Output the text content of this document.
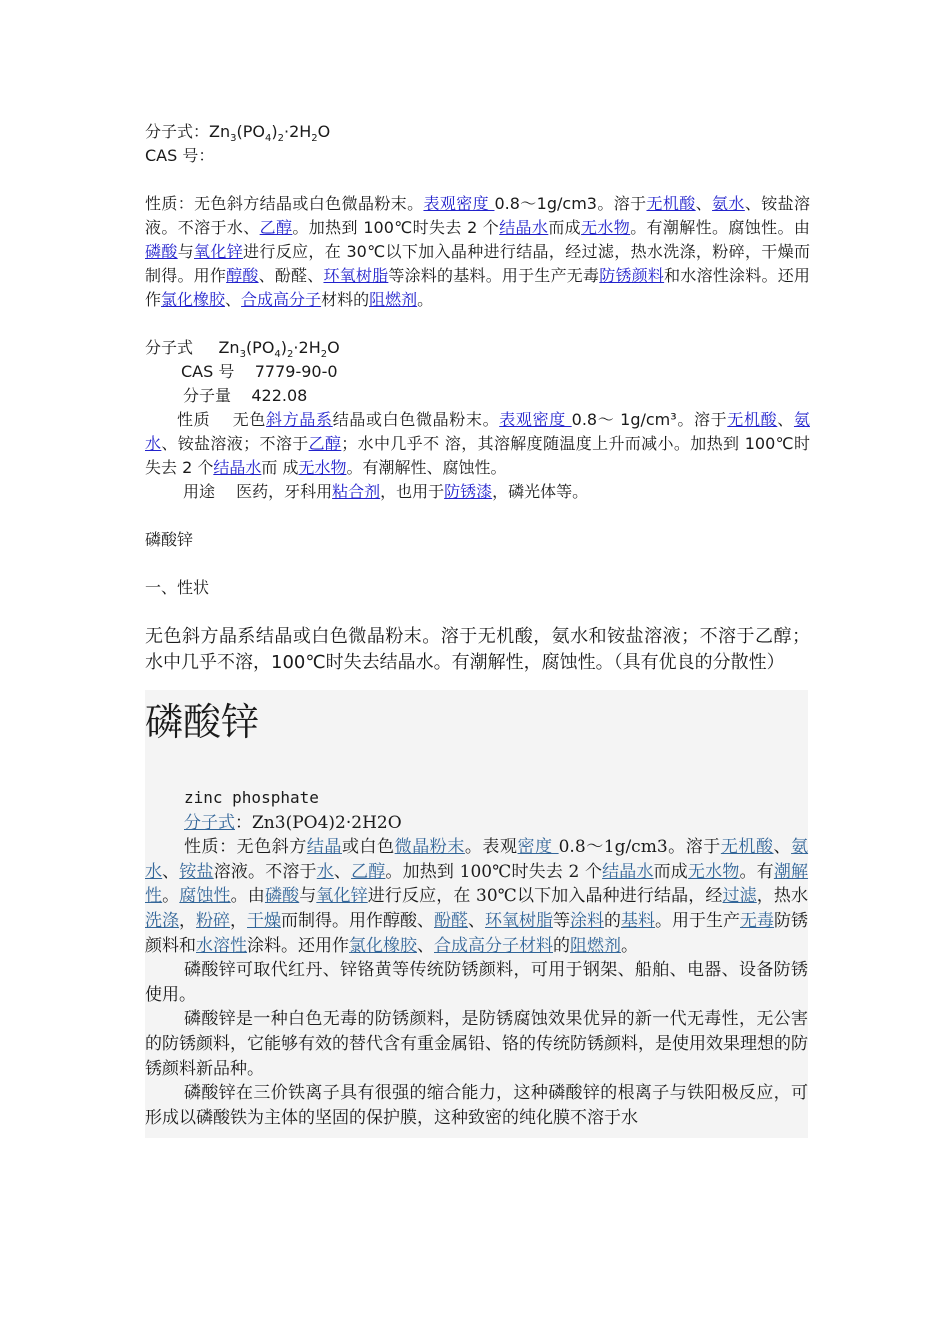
分子式：$Zn_3(PO_4)_2\cdot 2H_2O$

CAS 号：

性质：无色斜方结晶或白色微晶粉末。表观密度 0.8～1g/cm3。溶于无机酸、氨水、铵盐溶液。不溶于水、乙醇。加热到 100℃时失去 2 个结晶水而成无水物。有潮解性。腐蚀性。由磷酸与氧化锌进行反应，在 30℃以下加入晶种进行结晶，经过滤，热水洗涤，粉碎，干燥而制得。用作醇酸、酚醛、环氧树脂等涂料的基料。用于生产无毒防锈颜料和水溶性涂料。还用作氯化橡胶、合成高分子材料的阻燃剂。

分子式 $Zn_3(PO_4)_2\cdot 2H_2O$

CAS 号 7779-90-0

分子量 422.08

性质　 无色斜方晶系结晶或白色微晶粉末。表观密度 0.8～ 1g/cm³。溶于无机酸、氨水、铵盐溶液；不溶于乙醇；水中几乎不 溶，其溶解度随温度上升而减小。加热到 100℃时失去 2 个结晶水而 成无水物。有潮解性、腐蚀性。

用途　 医药，牙科用粘合剂，也用于防锈漆，磷光体等。

磷酸锌

一、性状

无色斜方晶系结晶或白色微晶粉末。溶于无机酸，氨水和铵盐溶液；不溶于乙醇；水中几乎不溶，100℃时失去结晶水。有潮解性，腐蚀性。（具有优良的分散性）

磷酸锌

zinc phosphate

分子式：Zn3(PO4)2·2H2O

性质：无色斜方结晶或白色微晶粉末。表观密度 0.8～1g/cm3。溶于无机酸、氨水、铵盐溶液。不溶于水、乙醇。加热到 100℃时失去 2 个结晶水而成无水物。有潮解性。腐蚀性。由磷酸与氧化锌进行反应，在 30℃以下加入晶种进行结晶，经过滤，热水洗涤，粉碎，干燥而制得。用作醇酸、酚醛、环氧树脂等涂料的基料。用于生产无毒防锈颜料和水溶性涂料。还用作氯化橡胶、合成高分子材料的阻燃剂。

磷酸锌可取代红丹、锌铬黄等传统防锈颜料，可用于钢架、船舶、电器、设备防锈使用。

磷酸锌是一种白色无毒的防锈颜料，是防锈腐蚀效果优异的新一代无毒性，无公害的防锈颜料，它能够有效的替代含有重金属铅、铬的传统防锈颜料，是使用效果理想的防锈颜料新品种。

磷酸锌在三价铁离子具有很强的缩合能力，这种磷酸锌的根离子与铁阳极反应，可形成以磷酸铁为主体的坚固的保护膜，这种致密的纯化膜不溶于水
